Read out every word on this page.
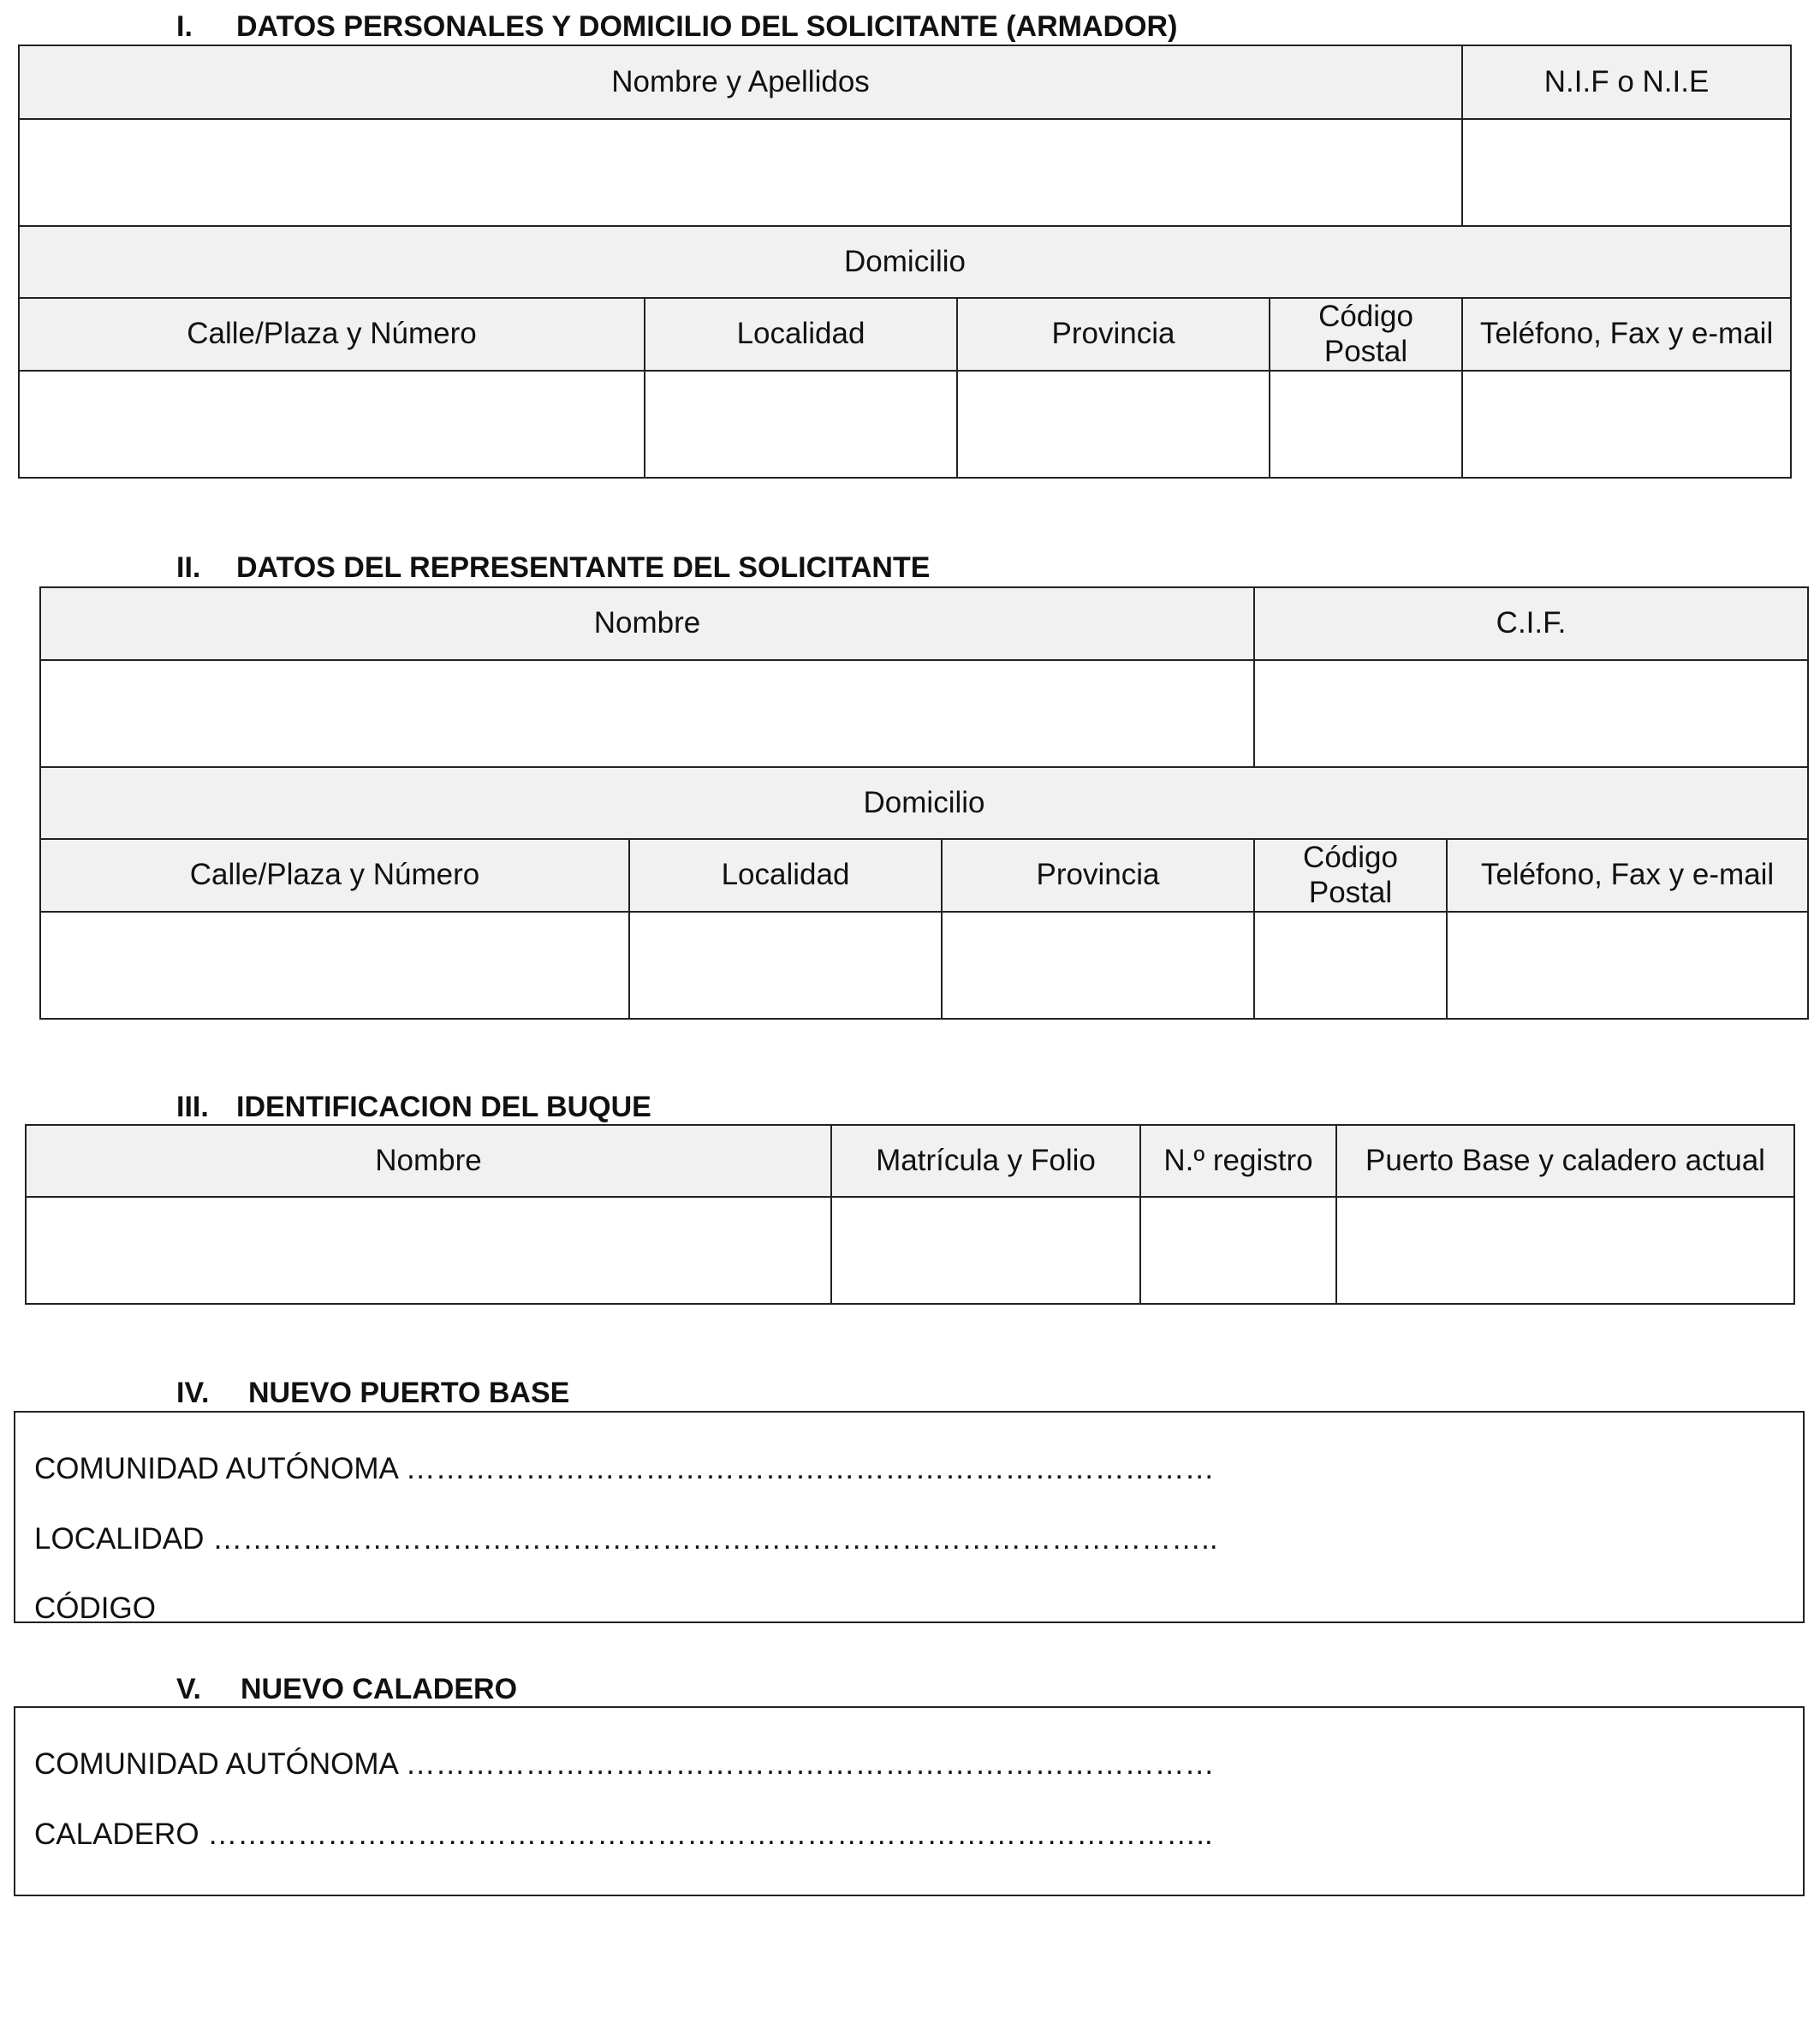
I. DATOS PERSONALES Y DOMICILIO DEL SOLICITANTE (ARMADOR)
Nombre y Apellidos				N.I.F o N.I.E

Domicilio				
Calle/Plaza y Número	Localidad	Provincia	Código Postal	Teléfono, Fax y e-mail

II. DATOS DEL REPRESENTANTE DEL SOLICITANTE
Nombre			C.I.F.	

Domicilio				
Calle/Plaza y Número	Localidad	Provincia	Código Postal	Teléfono, Fax y e-mail

III. IDENTIFICACION DEL BUQUE
Nombre	Matrícula y Folio	N.º registro	Puerto Base y caladero actual

IV. NUEVO PUERTO BASE
COMUNIDAD AUTÓNOMA ………………………………………………………………………
LOCALIDAD ………………………………………………………………………………………..
CÓDIGO
V. NUEVO CALADERO
COMUNIDAD AUTÓNOMA ………………………………………………………………………
CALADERO ………………………………………………………………………………………..
